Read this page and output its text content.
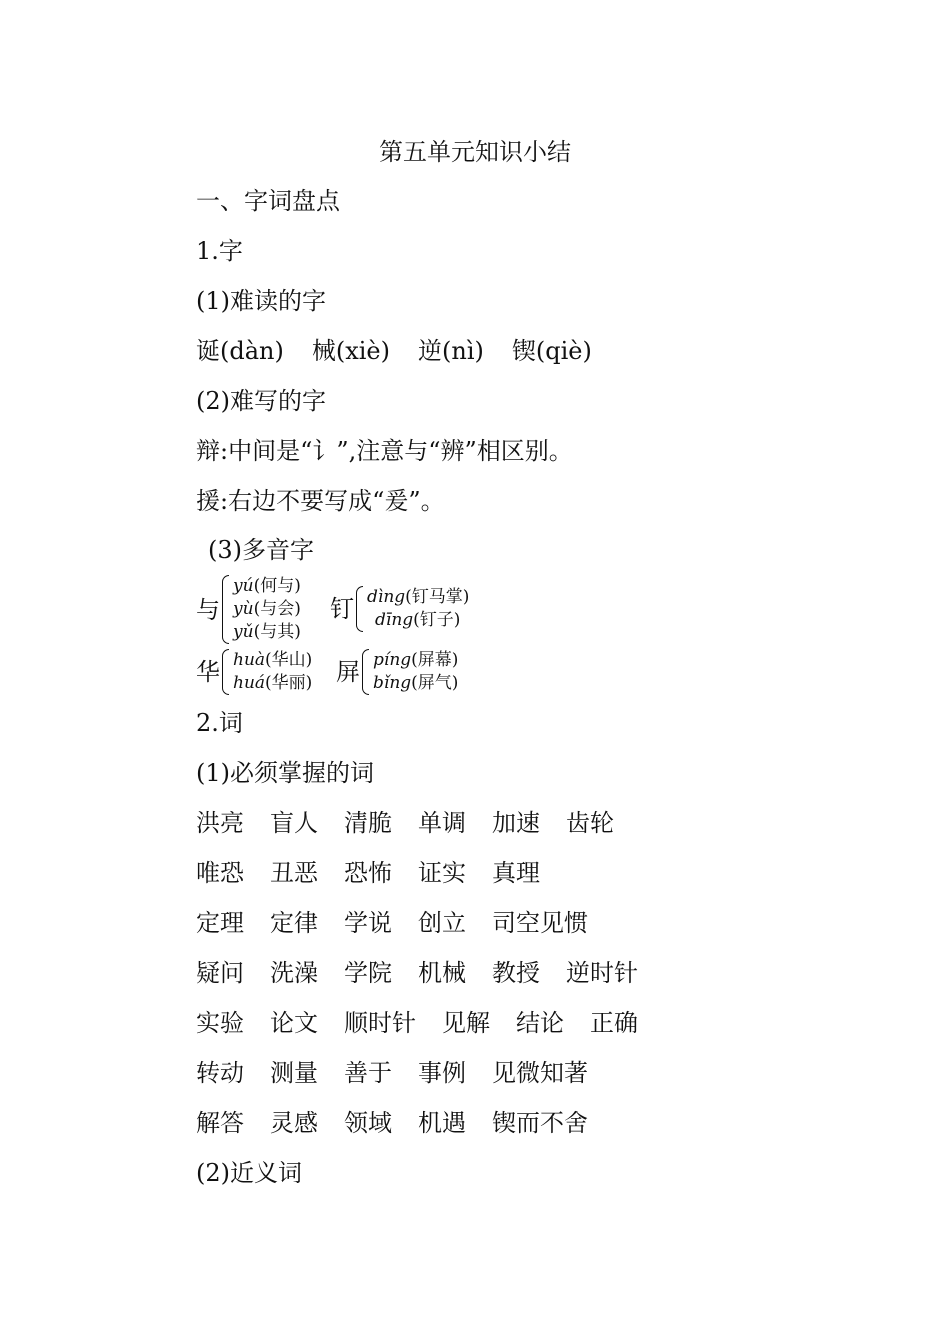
第五单元知识小结
一、字词盘点
1.字
(1)难读的字
诞(dàn) 械(xiè) 逆(nì) 锲(qiè)
(2)难写的字
辩:中间是“讠”,注意与“辨”相区别。
援:右边不要写成“爰”。
(3)多音字
与
yú(何与)
yù(与会)
yǔ(与其)
钉 dìng(钉马掌)
dīng(钉子)
华 huà(华山)
huá(华丽) 屏 píng(屏幕)
bǐng(屏气)
2.词
(1)必须掌握的词
洪亮 盲人 清脆 单调 加速 齿轮
唯恐 丑恶 恐怖 证实 真理
定理 定律 学说 创立 司空见惯
疑问 洗澡 学院 机械 教授 逆时针
实验 论文 顺时针 见解 结论 正确
转动 测量 善于 事例 见微知著
解答 灵感 领域 机遇 锲而不舍
(2)近义词
